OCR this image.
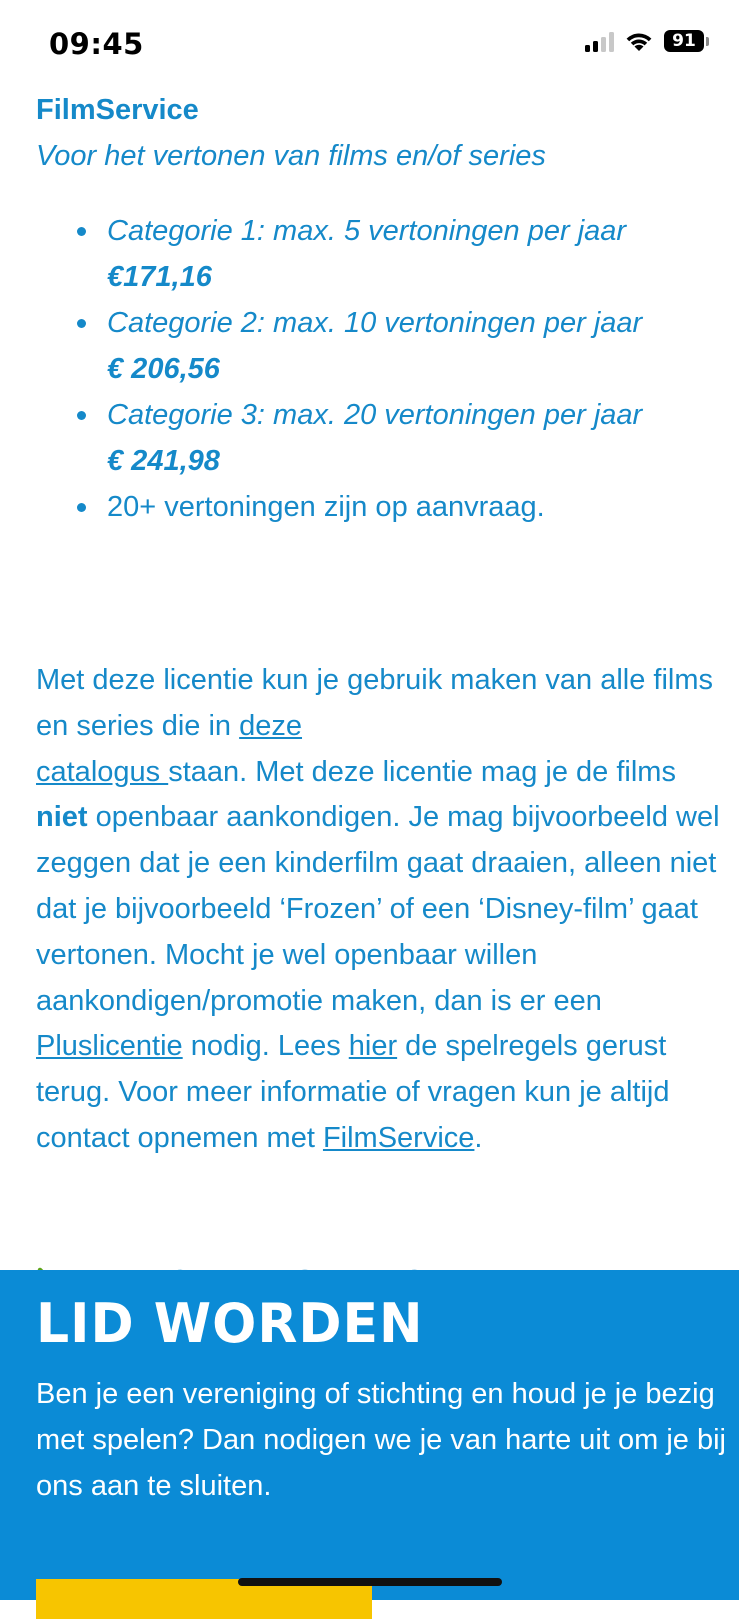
09:45	91
FilmService
Voor het vertonen van films en/of series
Categorie 1: max. 5 vertoningen per jaar
€171,16
Categorie 2: max. 10 vertoningen per jaar
€ 206,56
Categorie 3: max. 20 vertoningen per jaar
€ 241,98
20+ vertoningen zijn op aanvraag.
Met deze licentie kun je gebruik maken van alle films en series die in deze
catalogus staan. Met deze licentie mag je de films niet openbaar aankondigen. Je mag bijvoorbeeld wel zeggen dat je een kinderfilm gaat draaien, alleen niet dat je bijvoorbeeld ‘Frozen’ of een ‘Disney-film’ gaat vertonen. Mocht je wel openbaar willen aankondigen/promotie maken, dan is er een Pluslicentie nodig. Lees hier de spelregels gerust terug. Voor meer informatie of vragen kun je altijd contact opnemen met FilmService.
LID WORDEN
Ben je een vereniging of stichting en houd je je bezig met spelen? Dan nodigen we je van harte uit om je bij ons aan te sluiten.
